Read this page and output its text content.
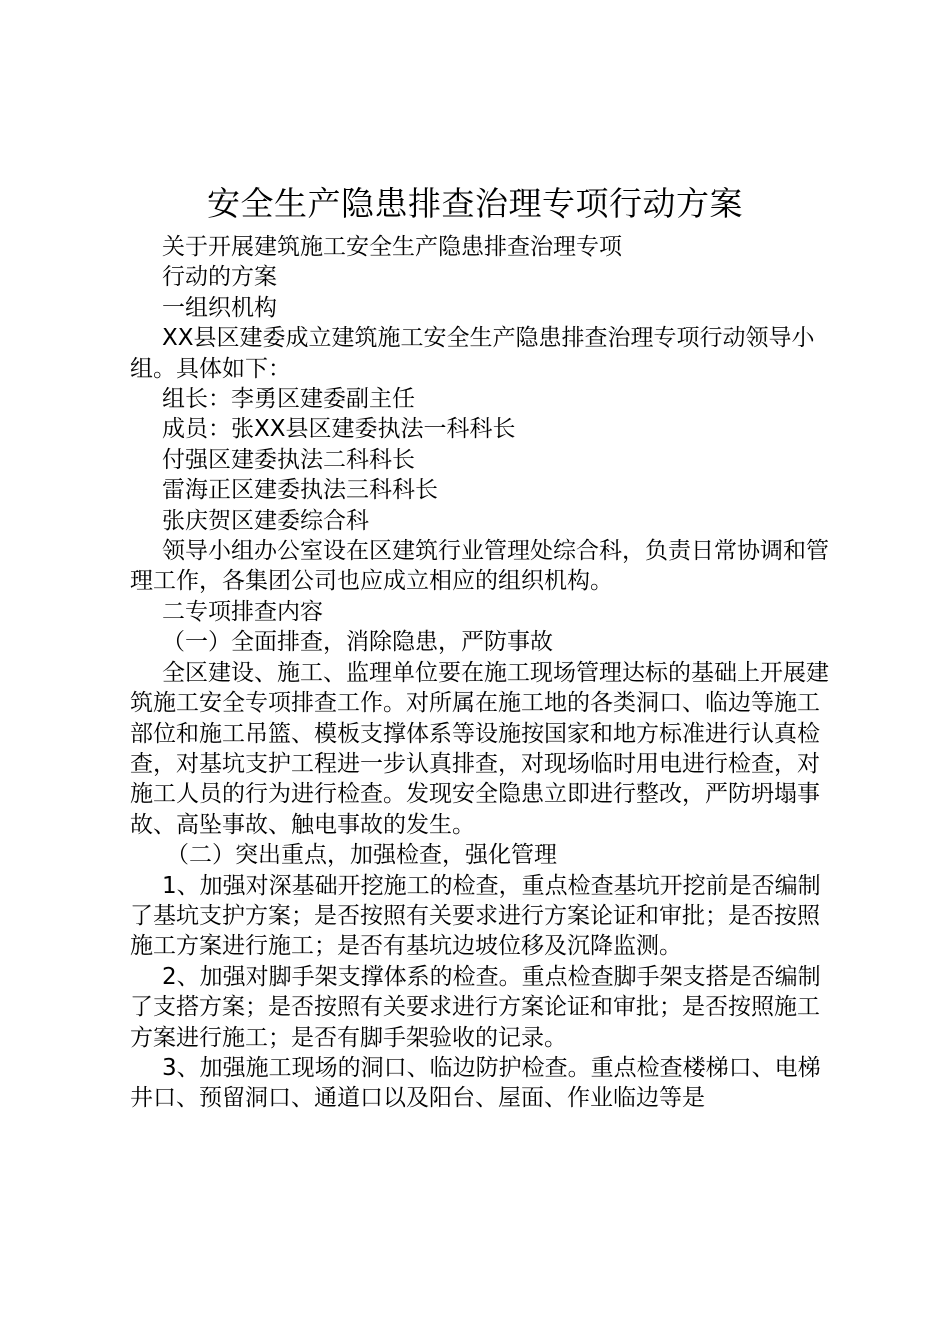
安全生产隐患排查治理专项行动方案

关于开展建筑施工安全生产隐患排查治理专项

行动的方案

一组织机构

XX县区建委成立建筑施工安全生产隐患排查治理专项行动领导小组。具体如下：

组长：李勇区建委副主任

成员：张XX县区建委执法一科科长

付强区建委执法二科科长

雷海正区建委执法三科科长

张庆贺区建委综合科

领导小组办公室设在区建筑行业管理处综合科，负责日常协调和管理工作，各集团公司也应成立相应的组织机构。

二专项排查内容

（一）全面排查，消除隐患，严防事故

全区建设、施工、监理单位要在施工现场管理达标的基础上开展建筑施工安全专项排查工作。对所属在施工地的各类洞口、临边等施工部位和施工吊篮、模板支撑体系等设施按国家和地方标准进行认真检查，对基坑支护工程进一步认真排查，对现场临时用电进行检查，对施工人员的行为进行检查。发现安全隐患立即进行整改，严防坍塌事故、高坠事故、触电事故的发生。

（二）突出重点，加强检查，强化管理

1、加强对深基础开挖施工的检查，重点检查基坑开挖前是否编制了基坑支护方案；是否按照有关要求进行方案论证和审批；是否按照施工方案进行施工；是否有基坑边坡位移及沉降监测。

2、加强对脚手架支撑体系的检查。重点检查脚手架支搭是否编制了支搭方案；是否按照有关要求进行方案论证和审批；是否按照施工方案进行施工；是否有脚手架验收的记录。

3、加强施工现场的洞口、临边防护检查。重点检查楼梯口、电梯井口、预留洞口、通道口以及阳台、屋面、作业临边等是
